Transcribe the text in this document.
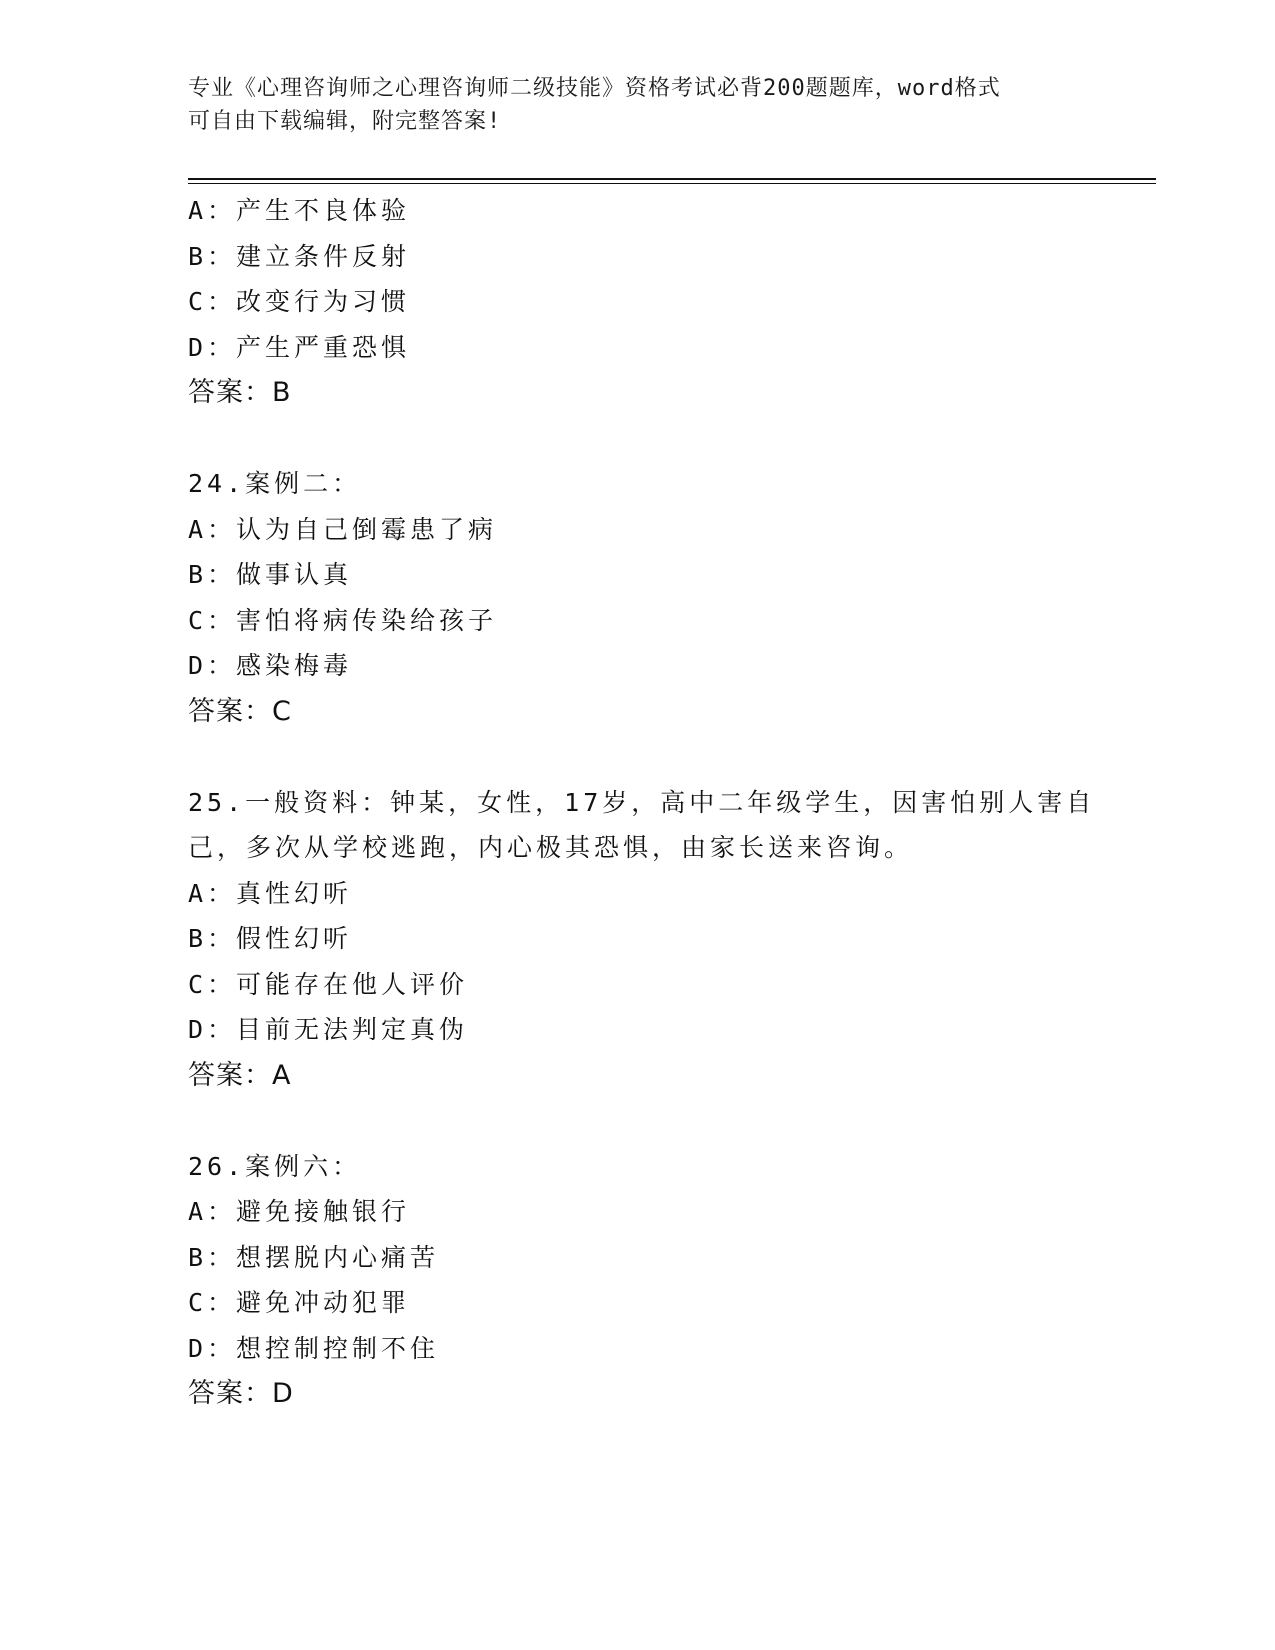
专业《心理咨询师之心理咨询师二级技能》资格考试必背200题题库，word格式
可自由下载编辑，附完整答案!
A：产生不良体验
B：建立条件反射
C：改变行为习惯
D：产生严重恐惧
答案：B
24.案例二：
A：认为自己倒霉患了病
B：做事认真
C：害怕将病传染给孩子
D：感染梅毒
答案：C
25.一般资料：钟某，女性，17岁，高中二年级学生，因害怕别人害自
己，多次从学校逃跑，内心极其恐惧，由家长送来咨询。
A：真性幻听
B：假性幻听
C：可能存在他人评价
D：目前无法判定真伪
答案：A
26.案例六：
A：避免接触银行
B：想摆脱内心痛苦
C：避免冲动犯罪
D：想控制控制不住
答案：D
